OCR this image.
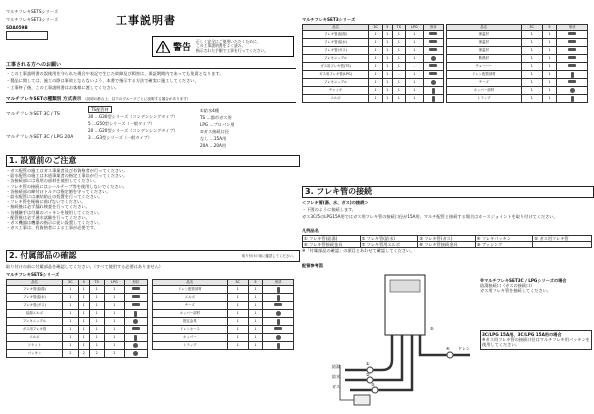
マルチフレキSETSシリーズ
マルチフレキSET3シリーズ
SDA059B
工事説明書
警告
正しく安全にご使用いただくために、
この工事説明書をよく読み、
指示された手順で工事を行ってください。
工事される方へのお願い
・この工事説明書の誤使用を守られた場合や表記で生じた故障及び損害は、保証期間内であっても免責となります。
・製品に関しては、施工の際は事故とならないよう、本書で指示する方法で確実に施工してください。
・工事終了後、この工事説明書はお客様に渡してください。
マルチフレキSETの種類別 方式表示 （説明の都合上、以下のグループごとに説明する場合があります）
マルチフレキSET 3C / TS
マルチフレキSET 3C / LPG 20A
TS配管材
30 …G30型シリーズ（コンデンシングタイプ）
5 …G50型シリーズ（一般タイプ）
20 …G20型シリーズ（コンデンシングタイプ）
3 …G3型シリーズ（一般タイプ）
①給水4種
TS …都市ガス用
LPG …プロパン用
②ガス接続口径
なし …15A用
20A …20A用
1. 設置前のご注意
・ガス配管の施工はガス事業者及び有資格者が行ってください。
・給水配管の施工は水道事業者の指定工事店が行ってください。
・各接続部には専用の部材を使用してください。
・フレキ管の接続にはシールテープ等を使用しないでください。
・各接続部の締付けトルクは指定値を守ってください。
・給水配管には凍結防止の処置を行ってください。
・フレキ管を極端に曲げないでください。
・接続後は必ず漏れ検査を行ってください。
・各種継手は付属のパッキンを使用してください。
・配管後は必ず通水試験を行ってください。
・ガス機器は機器の指示に従い設置してください。
・ガス工事は、有資格者による工事が必要です。
2. 付属部品の確認	取り付けの前に確認してください。
取り付けの前に付属部品を確認してください。（すべて使用する必要はありません）
マルチフレキSETSシリーズ
品名	3C	5	TS	LPG	形状
フレキ管(給湯)	1	1	1	1	
フレキ管(給水)	1	1	1	1	
フレキ管(ガス)	1	1	1	1	
給湯エルボ	1	1	1	1	
フレキニップル	1	1	1	1	
ガス用フレキ管	1	1	1	1	
エルボ	1	1	1	1	
ソケット	1	1	1	1	
パッキン	2	2	2	2	
品名	3C	5	形状
ドレン配管部材	1	1	
エルボ	1	1	
チーズ	1	1	
ホッパー部材	1	1	
指定金具	1	1	
ドレンホース	1	1	
ホッパー	1	1	
トラップ	1	1	
マルチフレキSET3シリーズ
品名	3C	5	TS	LPG	形状
フレキ管(給湯)	1	1	1	1	
フレキ管(給水)	1	1	1	1	
フレキ管(ガス)	1	1	1	1	
フレキニップル	1	1	1	1	
ガス用フレキ管(TS)	1	1	1	-	
ガス用フレキ管(LPG)	1	1	-	1	
フレキニップル	1	1	1	1	
チャッキ	1	1	1	1	
エルボ	1	1	1	1	
品名	3C	5	形状
保温材	1	1	
保温材	1	1	
保温材	1	1	
断熱材	1	1	
チューバー	1	1	
ドレン配管部材	1	1	
チーズ	1	1	
ホッパー部材	1	1	
トラップ	1	1	
3. フレキ管の接続
＜フレキ管(湯、水、ガス)の接続＞
・下図のように接続します。
ガス3C/5のLPG15A用ではガス用フレキ管の接続口径が15A用、マルチ配管と接続する場合はホースジョイントを取り付けてください。
凡例品名
① フレキ管(給湯)	② フレキ管(給水)	③ フレキ管(ガス)	④ フレキパッキン	⑤ ガス用フレキ管
⑥ フレキ管接続金具	⑦ フレキ管用エルボ	⑧ フレキ管接続金具	⑨ ブッシング
※「付属部品の確認」の項目とあわせて確認してください。
配管参考図
給湯
給水
ガス
ドレン
①
②
③
④
⑤
※マルチフレキSET3C / LPGシリーズの場合
給湯接続口（ガスの接続口）
ガス用フレキ管を接続してください。
3C/LPG 15A用、3C/LPG 15A用の場合
※ガス用フレキ管の接続口径はマルチフレキ用パッキンを使用してください。
